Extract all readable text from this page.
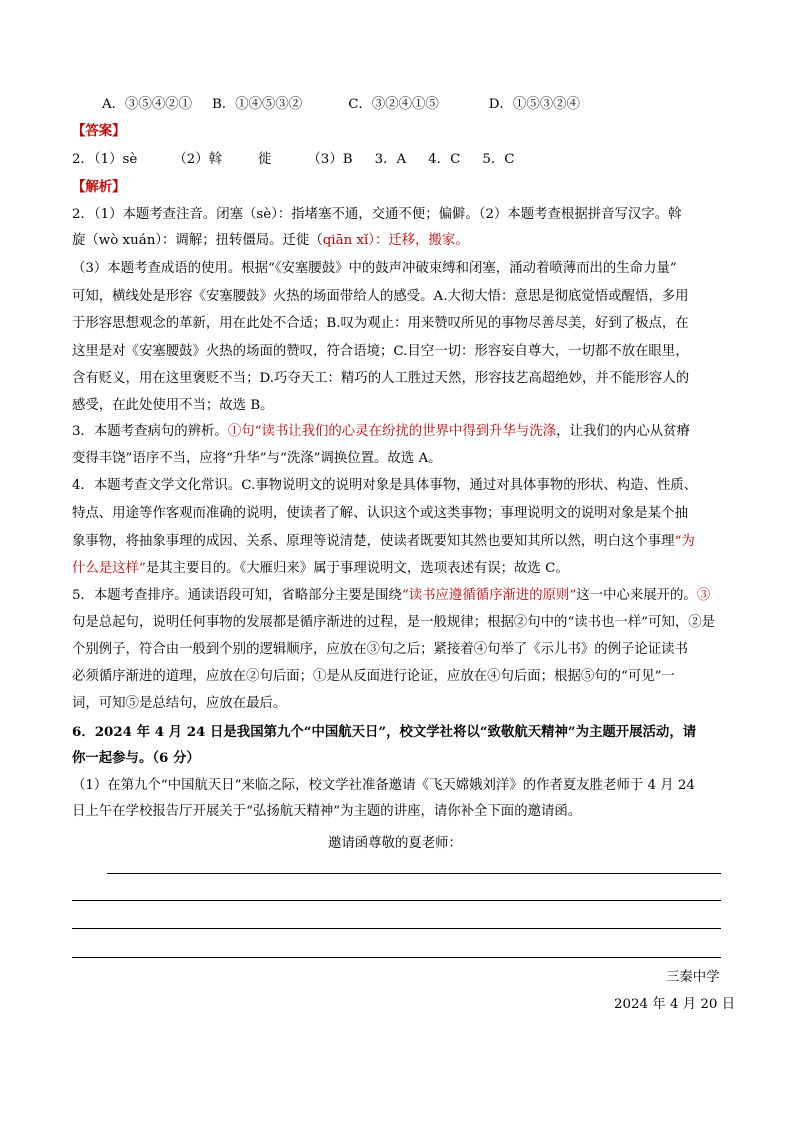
A．③⑤④②① B．①④⑤③②	C．③②④①⑤	D．①⑤③②④
【答案】
2．（1）sè	（2）斡	徙	（3）B 3．A 4．C 5．C
【解析】
2．（1）本题考查注音。闭塞（sè）：指堵塞不通，交通不便；偏僻。（2）本题考查根据拼音写汉字。斡
旋（wò xuán）：调解；扭转僵局。迁徙（qiān xǐ）：迁移，搬家。
（3）本题考查成语的使用。根据“《安塞腰鼓》中的鼓声冲破束缚和闭塞，涌动着喷薄而出的生命力量”
可知，横线处是形容《安塞腰鼓》火热的场面带给人的感受。A.大彻大悟：意思是彻底觉悟或醒悟，多用
于形容思想观念的革新，用在此处不合适；B.叹为观止：用来赞叹所见的事物尽善尽美，好到了极点，在
这里是对《安塞腰鼓》火热的场面的赞叹，符合语境；C.目空一切：形容妄自尊大，一切都不放在眼里，
含有贬义，用在这里褒贬不当；D.巧夺天工：精巧的人工胜过天然，形容技艺高超绝妙，并不能形容人的
感受，在此处使用不当；故选 B。
3．本题考查病句的辨析。①句“读书让我们的心灵在纷扰的世界中得到升华与洗涤，让我们的内心从贫瘠
变得丰饶”语序不当，应将“升华”与“洗涤”调换位置。故选 A。
4．本题考查文学文化常识。C.事物说明文的说明对象是具体事物，通过对具体事物的形状、构造、性质、
特点、用途等作客观而准确的说明，使读者了解、认识这个或这类事物；事理说明文的说明对象是某个抽
象事物，将抽象事理的成因、关系、原理等说清楚，使读者既要知其然也要知其所以然，明白这个事理“为
什么是这样”是其主要目的。《大雁归来》属于事理说明文，选项表述有误；故选 C。
5．本题考查排序。通读语段可知，省略部分主要是围绕“读书应遵循循序渐进的原则”这一中心来展开的。③
句是总起句，说明任何事物的发展都是循序渐进的过程，是一般规律；根据②句中的“读书也一样”可知，②是
个别例子，符合由一般到个别的逻辑顺序，应放在③句之后；紧接着④句举了《示儿书》的例子论证读书
必须循序渐进的道理，应放在②句后面；①是从反面进行论证，应放在④句后面；根据⑤句的“可见”一
词，可知⑤是总结句，应放在最后。
6．2024 年 4 月 24 日是我国第九个“中国航天日”，校文学社将以“致敬航天精神”为主题开展活动，请
你一起参与。（6 分）
（1）在第九个“中国航天日”来临之际，校文学社准备邀请《飞天嫦娥刘洋》的作者夏友胜老师于 4 月 24
日上午在学校报告厅开展关于“弘扬航天精神”为主题的讲座，请你补全下面的邀请函。
邀请函尊敬的夏老师：
三秦中学
2024 年 4 月 20 日
